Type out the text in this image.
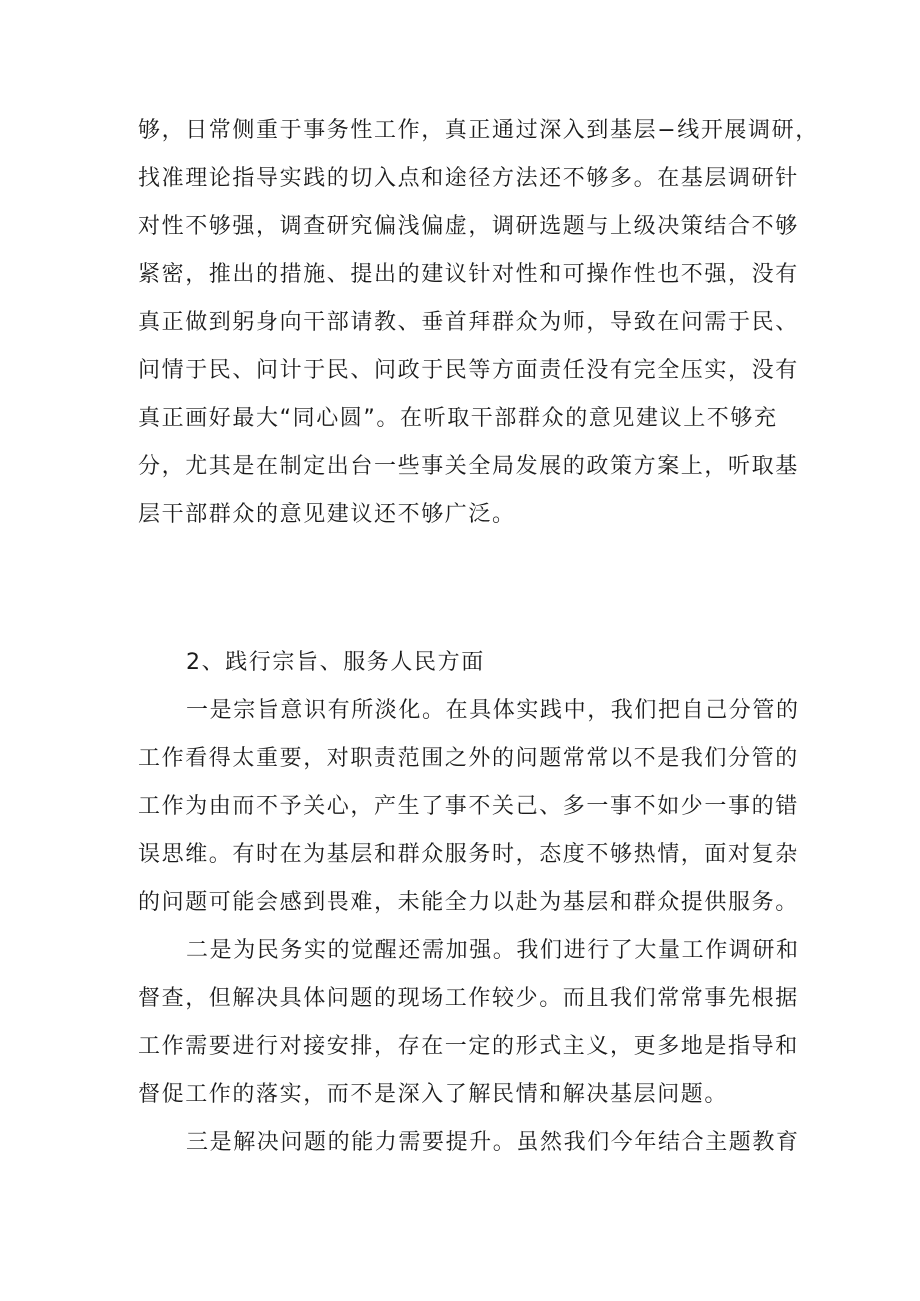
够，日常侧重于事务性工作，真正通过深入到基层−线开展调研，
找准理论指导实践的切入点和途径方法还不够多。在基层调研针
对性不够强，调查研究偏浅偏虚，调研选题与上级决策结合不够
紧密，推出的措施、提出的建议针对性和可操作性也不强，没有
真正做到躬身向干部请教、垂首拜群众为师，导致在问需于民、
问情于民、问计于民、问政于民等方面责任没有完全压实，没有
真正画好最大“同心圆”。在听取干部群众的意见建议上不够充
分，尤其是在制定出台一些事关全局发展的政策方案上，听取基
层干部群众的意见建议还不够广泛。
2、践行宗旨、服务人民方面
一是宗旨意识有所淡化。在具体实践中，我们把自己分管的
工作看得太重要，对职责范围之外的问题常常以不是我们分管的
工作为由而不予关心，产生了事不关己、多一事不如少一事的错
误思维。有时在为基层和群众服务时，态度不够热情，面对复杂
的问题可能会感到畏难，未能全力以赴为基层和群众提供服务。
二是为民务实的觉醒还需加强。我们进行了大量工作调研和
督查，但解决具体问题的现场工作较少。而且我们常常事先根据
工作需要进行对接安排，存在一定的形式主义，更多地是指导和
督促工作的落实，而不是深入了解民情和解决基层问题。
三是解决问题的能力需要提升。虽然我们今年结合主题教育
